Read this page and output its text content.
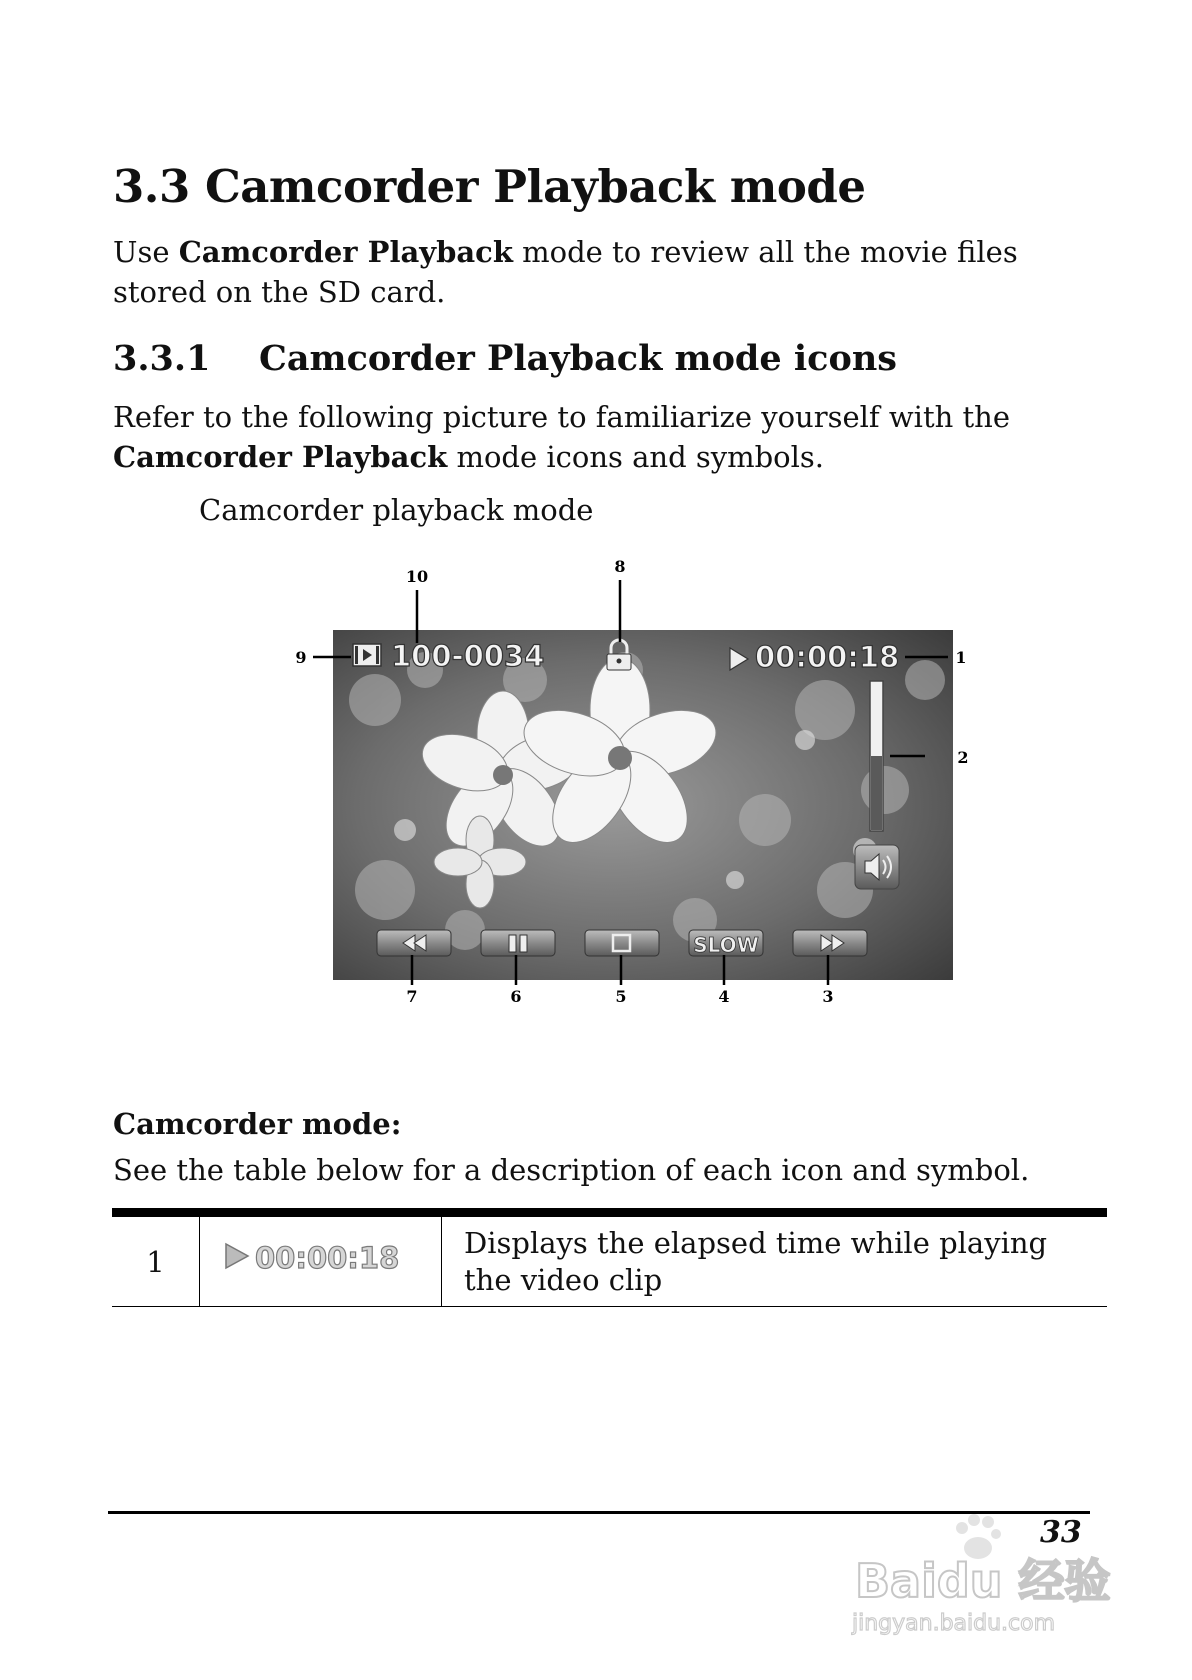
3.3 Camcorder Playback mode
Use Camcorder Playback mode to review all the movie files stored on the SD card.
3.3.1 Camcorder Playback mode icons
Refer to the following picture to familiarize yourself with the Camcorder Playback mode icons and symbols.
Camcorder playback mode
100-0034	00:00:18
SLOW
1
2
3
4
5
6
7
8
9
10
Camcorder mode:
See the table below for a description of each icon and symbol.
1	00:00:18 Displays the elapsed time while playing the video clip
33
Baidu 经验
jingyan.baidu.com
